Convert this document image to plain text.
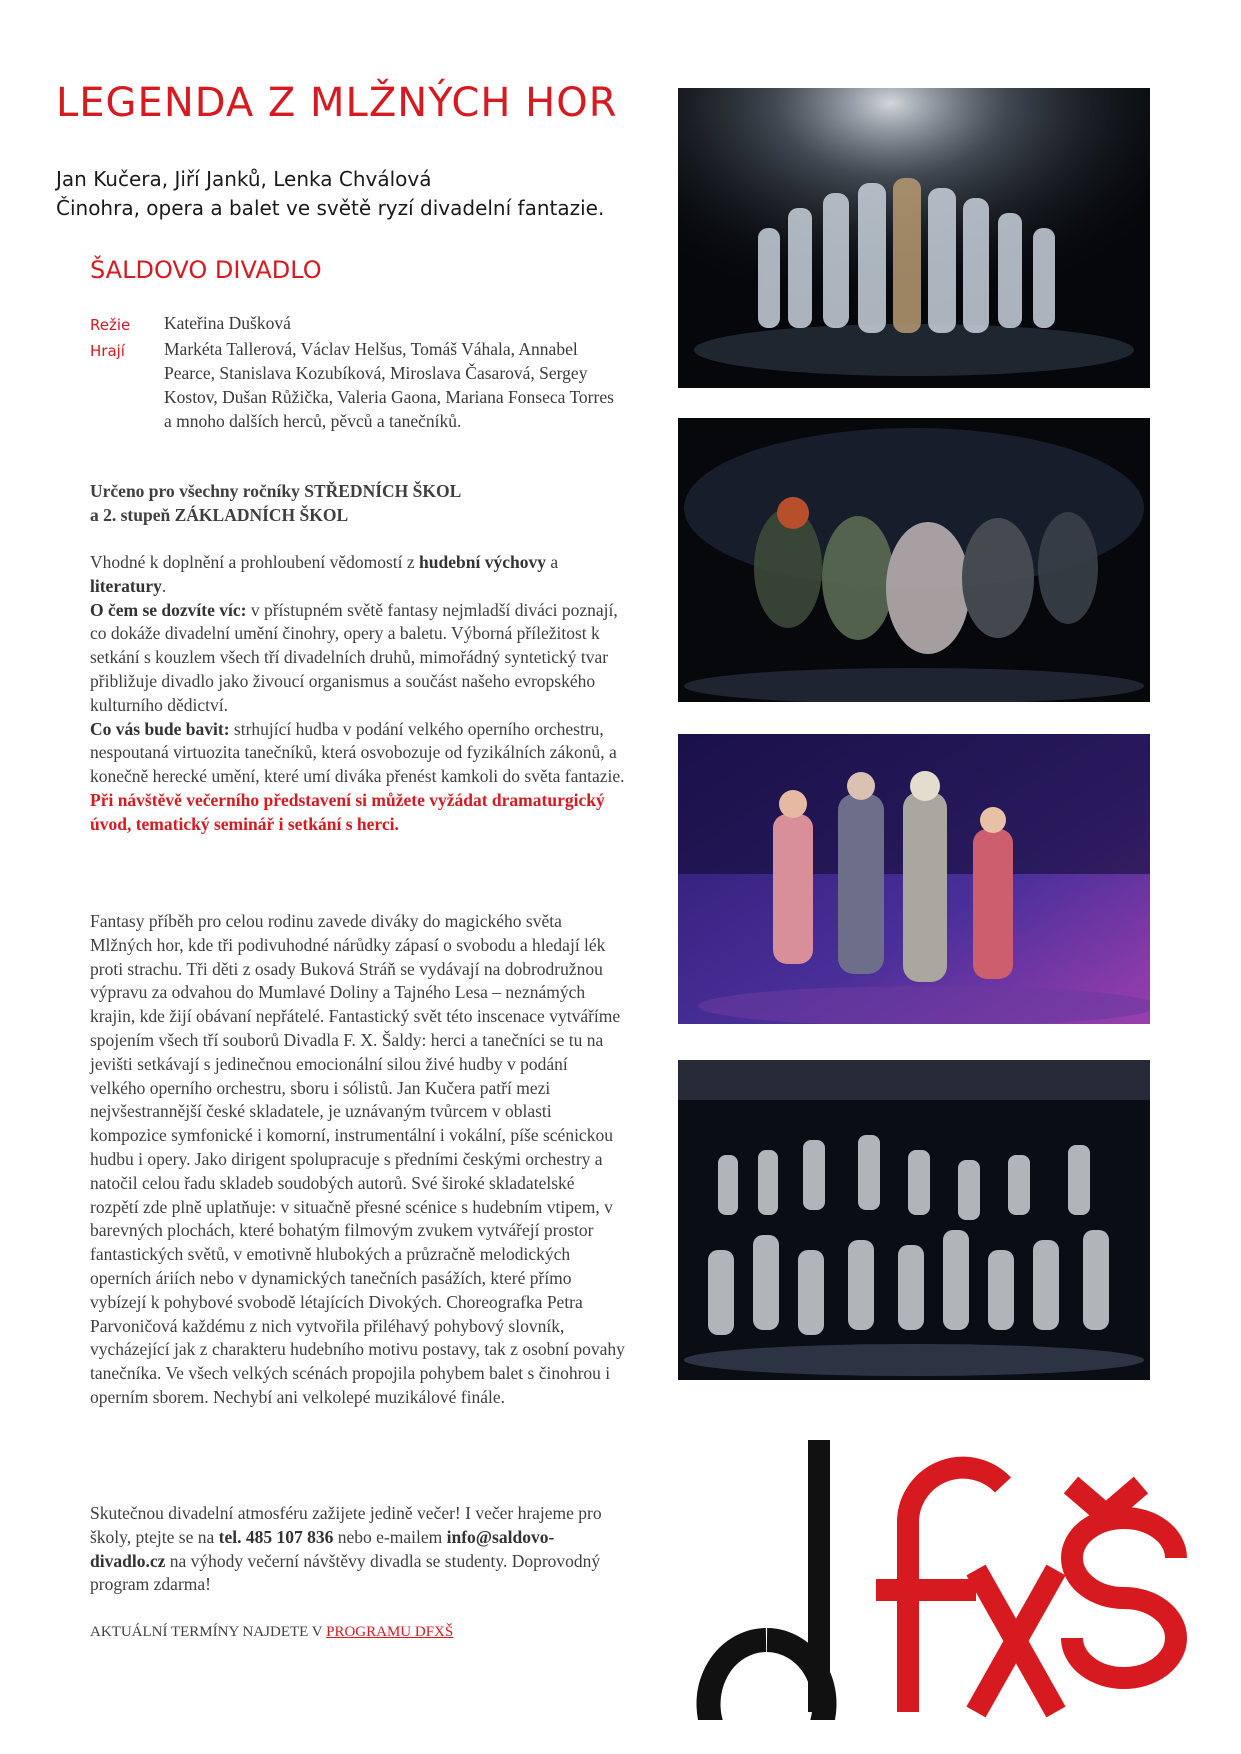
LEGENDA Z MLŽNÝCH HOR
Jan Kučera, Jiří Janků, Lenka Chválová
Činohra, opera a balet ve světě ryzí divadelní fantazie.
ŠALDOVO DIVADLO
Režie	Kateřina Dušková
Hrají	Markéta Tallerová, Václav Helšus, Tomáš Váhala, Annabel Pearce, Stanislava Kozubíková, Miroslava Časarová, Sergey Kostov, Dušan Růžička, Valeria Gaona, Mariana Fonseca Torres a mnoho dalších herců, pěvců a tanečníků.
Určeno pro všechny ročníky STŘEDNÍCH ŠKOL
a 2. stupeň ZÁKLADNÍCH ŠKOL

Vhodné k doplnění a prohloubení vědomostí z hudební výchovy a literatury.

O čem se dozvíte víc: v přístupném světě fantasy nejmladší diváci poznají, co dokáže divadelní umění činohry, opery a baletu. Výborná příležitost k setkání s kouzlem všech tří divadelních druhů, mimořádný syntetický tvar přibližuje divadlo jako živoucí organismus a součást našeho evropského kulturního dědictví.

Co vás bude bavit: strhující hudba v podání velkého operního orchestru, nespoutaná virtuozita tanečníků, která osvobozuje od fyzikálních zákonů, a konečně herecké umění, které umí diváka přenést kamkoli do světa fantazie.

Při návštěvě večerního představení si můžete vyžádat dramaturgický úvod, tematický seminář i setkání s herci.

Fantasy příběh pro celou rodinu zavede diváky do magického světa Mlžných hor, kde tři podivuhodné nárůdky zápasí o svobodu a hledají lék proti strachu. Tři děti z osady Buková Stráň se vydávají na dobrodružnou výpravu za odvahou do Mumlavé Doliny a Tajného Lesa – neznámých krajin, kde žijí obávaní nepřátelé. Fantastický svět této inscenace vytváříme spojením všech tří souborů Divadla F. X. Šaldy: herci a tanečníci se tu na jevišti setkávají s jedinečnou emocionální silou živé hudby v podání velkého operního orchestru, sboru i sólistů. Jan Kučera patří mezi nejvšestrannější české skladatele, je uznávaným tvůrcem v oblasti kompozice symfonické i komorní, instrumentální i vokální, píše scénickou hudbu i opery. Jako dirigent spolupracuje s předními českými orchestry a natočil celou řadu skladeb soudobých autorů. Své široké skladatelské rozpětí zde plně uplatňuje: v situačně přesné scénice s hudebním vtipem, v barevných plochách, které bohatým filmovým zvukem vytvářejí prostor fantastických světů, v emotivně hlubokých a průzračně melodických operních áriích nebo v dynamických tanečních pasážích, které přímo vybízejí k pohybové svobodě létajících Divokých. Choreografka Petra Parvoničová každému z nich vytvořila přiléhavý pohybový slovník, vycházející jak z charakteru hudebního motivu postavy, tak z osobní povahy tanečníka. Ve všech velkých scénách propojila pohybem balet s činohrou i operním sborem. Nechybí ani velkolepé muzikálové finále.
Skutečnou divadelní atmosféru zažijete jedině večer! I večer hrajeme pro školy, ptejte se na tel. 485 107 836 nebo e-mailem info@saldovo-divadlo.cz na výhody večerní návštěvy divadla se studenty. Doprovodný program zdarma!
AKTUÁLNÍ TERMÍNY NAJDETE V PROGRAMU DFXŠ
